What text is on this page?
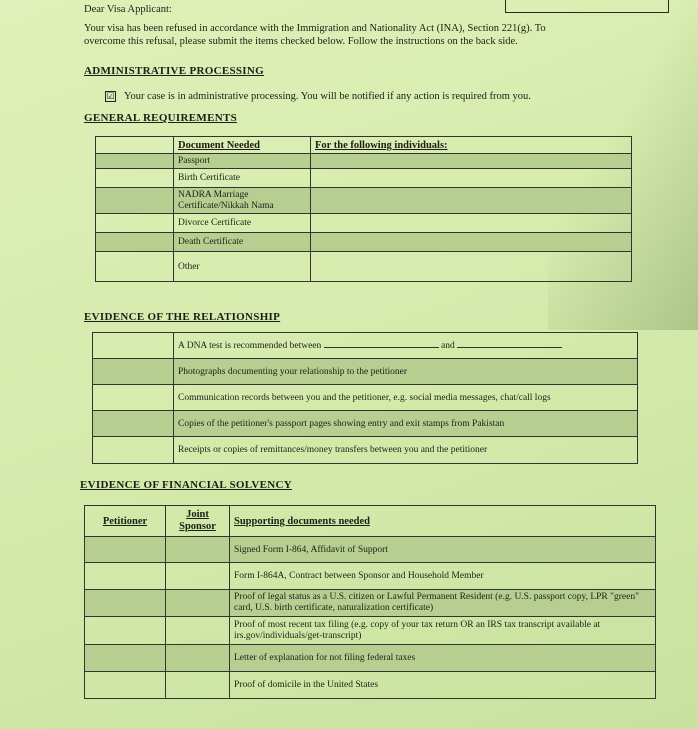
Dear Visa Applicant:
Your visa has been refused in accordance with the Immigration and Nationality Act (INA), Section 221(g). To
overcome this refusal, please submit the items checked below. Follow the instructions on the back side.
ADMINISTRATIVE PROCESSING
☑ Your case is in administrative processing. You will be notified if any action is required from you.
GENERAL REQUIREMENTS
	Document Needed	For the following individuals:
	Passport	
	Birth Certificate	
	NADRA Marriage Certificate/Nikkah Nama	
	Divorce Certificate	
	Death Certificate	
	Other	
EVIDENCE OF THE RELATIONSHIP
	A DNA test is recommended between and
	Photographs documenting your relationship to the petitioner
	Communication records between you and the petitioner, e.g. social media messages, chat/call logs
	Copies of the petitioner's passport pages showing entry and exit stamps from Pakistan
	Receipts or copies of remittances/money transfers between you and the petitioner
EVIDENCE OF FINANCIAL SOLVENCY
Petitioner	Joint Sponsor	Supporting documents needed
		Signed Form I-864, Affidavit of Support
		Form I-864A, Contract between Sponsor and Household Member
		Proof of legal status as a U.S. citizen or Lawful Permanent Resident (e.g. U.S. passport copy, LPR "green" card, U.S. birth certificate, naturalization certificate)
		Proof of most recent tax filing (e.g. copy of your tax return OR an IRS tax transcript available at irs.gov/individuals/get-transcript)
		Letter of explanation for not filing federal taxes
		Proof of domicile in the United States
